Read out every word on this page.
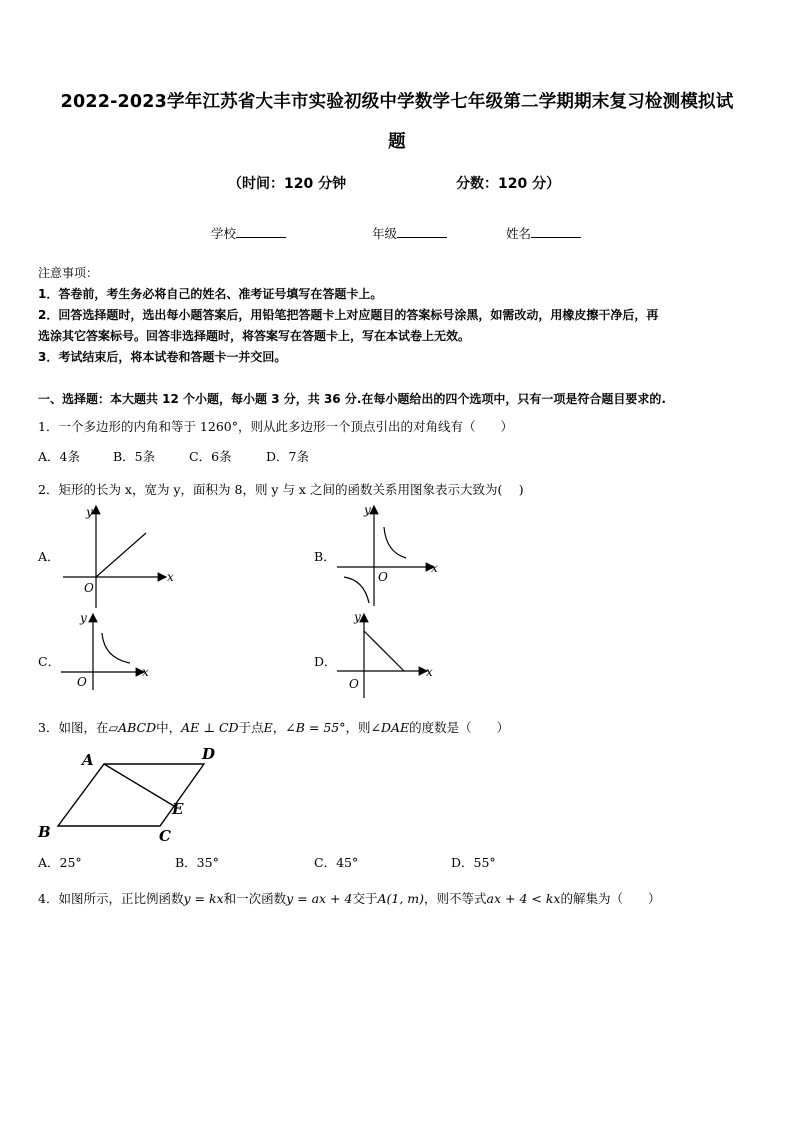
2022-2023学年江苏省大丰市实验初级中学数学七年级第二学期期末复习检测模拟试
题
（时间：120 分钟	分数：120 分）
学校	年级	姓名
注意事项：
1．答卷前，考生务必将自己的姓名、准考证号填写在答题卡上。
2．回答选择题时，选出每小题答案后，用铅笔把答题卡上对应题目的答案标号涂黑，如需改动，用橡皮擦干净后，再
选涂其它答案标号。回答非选择题时，将答案写在答题卡上，写在本试卷上无效。
3．考试结束后，将本试卷和答题卡一并交回。
一、选择题：本大题共 12 个小题，每小题 3 分，共 36 分.在每小题给出的四个选项中，只有一项是符合题目要求的.
1．一个多边形的内角和等于 1260°，则从此多边形一个顶点引出的对角线有（　　）
A．4条	B．5条	C．6条	D．7条
2．矩形的长为 x，宽为 y，面积为 8，则 y 与 x 之间的函数关系用图象表示大致为(　 )
A．
y
x
O
B．
y
x
O
C．
y
x
O
D．
y
x
O
3．如图，在▱ABCD中，AE ⊥ CD于点E，∠B = 55°，则∠DAE的度数是（　　）
A	D
E
B	C
A．25°	B．35°	C．45°	D．55°
4．如图所示，正比例函数y = kx和一次函数y = ax + 4交于A(1, m)，则不等式ax + 4 < kx的解集为（　　）
